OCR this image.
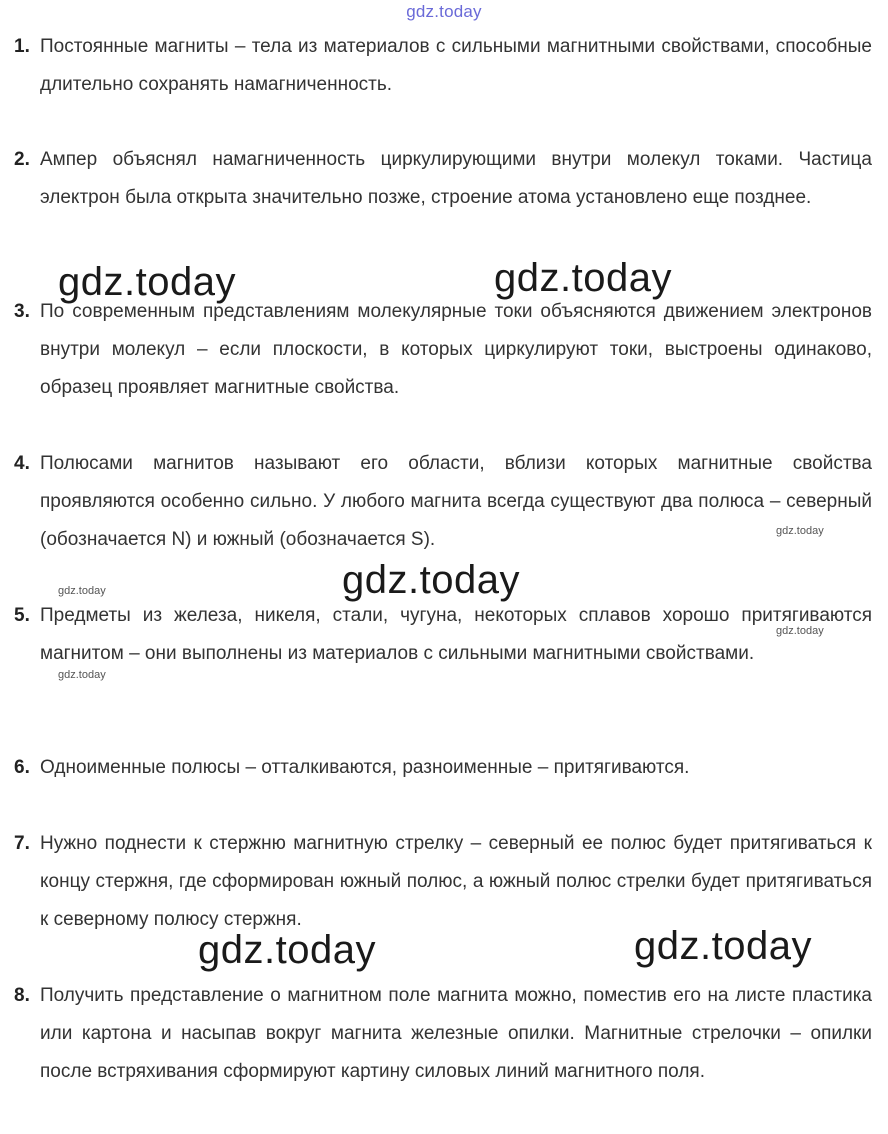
gdz.today
1. Постоянные магниты – тела из материалов с сильными магнитными свойствами, способные длительно сохранять намагниченность.
2. Ампер объяснял намагниченность циркулирующими внутри молекул токами. Частица электрон была открыта значительно позже, строение атома установлено еще позднее.
gdz.today	gdz.today
3. По современным представлениям молекулярные токи объясняются движением электронов внутри молекул – если плоскости, в которых циркулируют токи, выстроены одинаково, образец проявляет магнитные свойства.
4. Полюсами магнитов называют его области, вблизи которых магнитные свойства проявляются особенно сильно. У любого магнита всегда существуют два полюса – северный (обозначается N) и южный (обозначается S).	gdz.today
gdz.today
gdz.today
5. Предметы из железа, никеля, стали, чугуна, некоторых сплавов хорошо притягиваются магнитом – они выполнены из материалов с сильными магнитными свойствами.
gdz.today
gdz.today
6. Одноименные полюсы – отталкиваются, разноименные – притягиваются.
7. Нужно поднести к стержню магнитную стрелку – северный ее полюс будет притягиваться к концу стержня, где сформирован южный полюс, а южный полюс стрелки будет притягиваться к северному полюсу стержня.
gdz.today	gdz.today
8. Получить представление о магнитном поле магнита можно, поместив его на листе пластика или картона и насыпав вокруг магнита железные опилки. Магнитные стрелочки – опилки после встряхивания сформируют картину силовых линий магнитного поля.
